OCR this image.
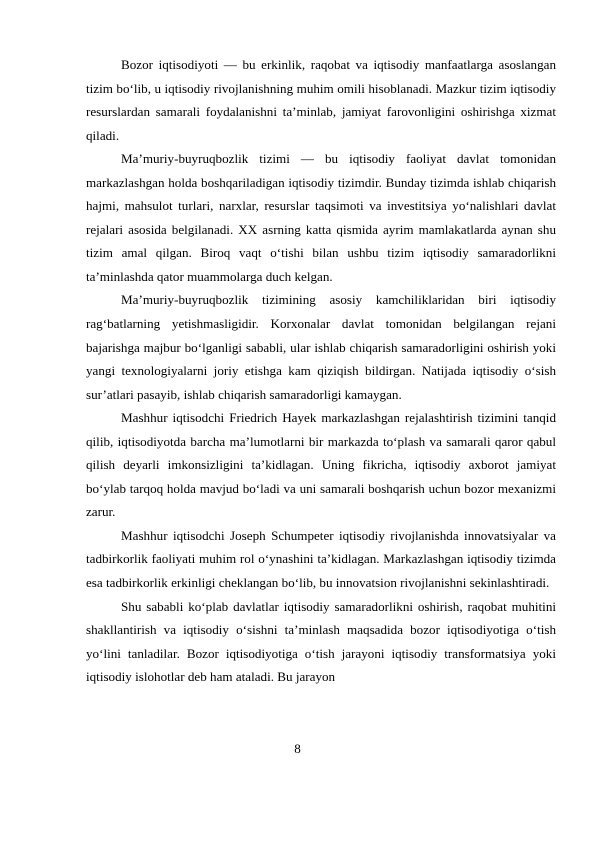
Bozor iqtisodiyoti — bu erkinlik, raqobat va iqtisodiy manfaatlarga asoslangan tizim bo‘lib, u iqtisodiy rivojlanishning muhim omili hisoblanadi. Mazkur tizim iqtisodiy resurslardan samarali foydalanishni ta’minlab, jamiyat farovonligini oshirishga xizmat qiladi.

Ma’muriy-buyruqbozlik tizimi — bu iqtisodiy faoliyat davlat tomonidan markazlashgan holda boshqariladigan iqtisodiy tizimdir. Bunday tizimda ishlab chiqarish hajmi, mahsulot turlari, narxlar, resurslar taqsimoti va investitsiya yo‘nalishlari davlat rejalari asosida belgilanadi. XX asrning katta qismida ayrim mamlakatlarda aynan shu tizim amal qilgan. Biroq vaqt o‘tishi bilan ushbu tizim iqtisodiy samaradorlikni ta’minlashda qator muammolarga duch kelgan.

Ma’muriy-buyruqbozlik tizimining asosiy kamchiliklaridan biri iqtisodiy rag‘batlarning yetishmasligidir. Korxonalar davlat tomonidan belgilangan rejani bajarishga majbur bo‘lganligi sababli, ular ishlab chiqarish samaradorligini oshirish yoki yangi texnologiyalarni joriy etishga kam qiziqish bildirgan. Natijada iqtisodiy o‘sish sur’atlari pasayib, ishlab chiqarish samaradorligi kamaygan.

Mashhur iqtisodchi Friedrich Hayek markazlashgan rejalashtirish tizimini tanqid qilib, iqtisodiyotda barcha ma’lumotlarni bir markazda to‘plash va samarali qaror qabul qilish deyarli imkonsizligini ta’kidlagan. Uning fikricha, iqtisodiy axborot jamiyat bo‘ylab tarqoq holda mavjud bo‘ladi va uni samarali boshqarish uchun bozor mexanizmi zarur.

Mashhur iqtisodchi Joseph Schumpeter iqtisodiy rivojlanishda innovatsiyalar va tadbirkorlik faoliyati muhim rol o‘ynashini ta’kidlagan. Markazlashgan iqtisodiy tizimda esa tadbirkorlik erkinligi cheklangan bo‘lib, bu innovatsion rivojlanishni sekinlashtiradi.

Shu sababli ko‘plab davlatlar iqtisodiy samaradorlikni oshirish, raqobat muhitini shakllantirish va iqtisodiy o‘sishni ta’minlash maqsadida bozor iqtisodiyotiga o‘tish yo‘lini tanladilar. Bozor iqtisodiyotiga o‘tish jarayoni iqtisodiy transformatsiya yoki iqtisodiy islohotlar deb ham ataladi. Bu jarayon

8
